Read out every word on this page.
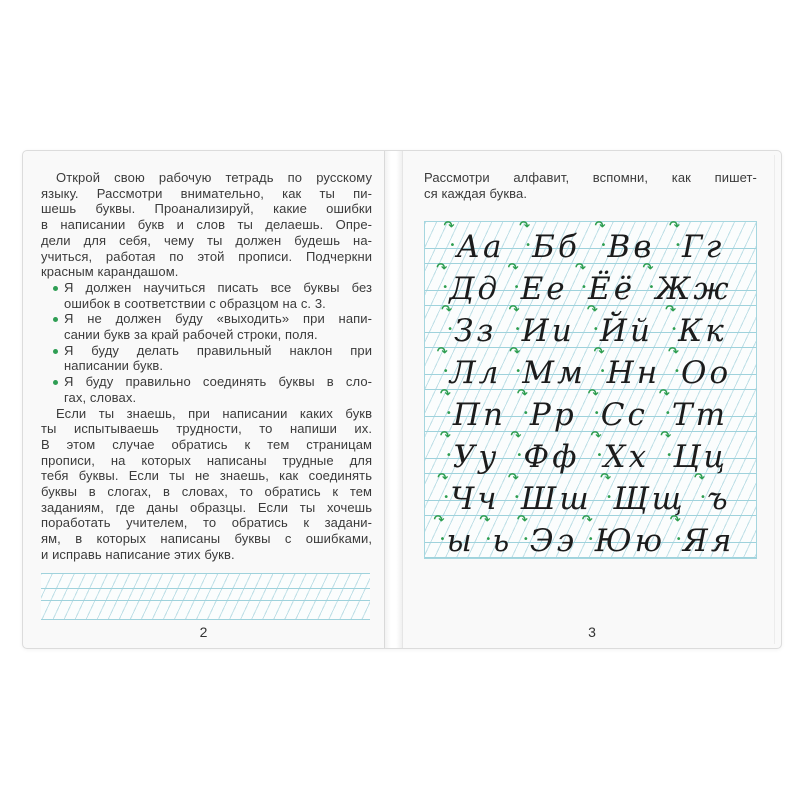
Открой свою рабочую тетрадь по русскому
языку. Рассмотри внимательно, как ты пи-
шешь буквы. Проанализируй, какие ошибки
в написании букв и слов ты делаешь. Опре-
дели для себя, чему ты должен будешь на-
учиться, работая по этой прописи. Подчеркни
красным карандашом.
Я должен научиться писать все буквы без
ошибок в соответствии с образцом на с. 3.
Я не должен буду «выходить» при напи-
сании букв за край рабочей строки, поля.
Я буду делать правильный наклон при
написании букв.
Я буду правильно соединять буквы в сло-
гах, словах.
Если ты знаешь, при написании каких букв
ты испытываешь трудности, то напиши их.
В этом случае обратись к тем страницам
прописи, на которых написаны трудные для
тебя буквы. Если ты не знаешь, как соединять
буквы в слогах, в словах, то обратись к тем
заданиям, где даны образцы. Если ты хочешь
поработать учителем, то обратись к задани-
ям, в которых написаны буквы с ошибками,
и исправь написание этих букв.
2
Рассмотри алфавит, вспомни, как пишет-
ся каждая буква.
↷
• Аа
↷
• Бб
↷
• Вв
↷
• Гг
↷
• Дд
↷
• Ее
↷
• Ёё
↷
• Жж
↷
• Зз
↷
• Ии
↷
• Йй
↷
• Кк
↷
• Лл
↷
• Мм
↷
• Нн
↷
• Оо
↷
• Пп
↷
• Рр
↷
• Сс
↷
• Тт
↷
• Уу
↷
• Фф
↷
• Хх
↷
• Цц
↷
• Чч
↷
• Шш
↷
• Щщ
↷
• ъ
↷
• ы
↷
• ь
↷
• Ээ
↷
• Юю
↷
• Яя
3
